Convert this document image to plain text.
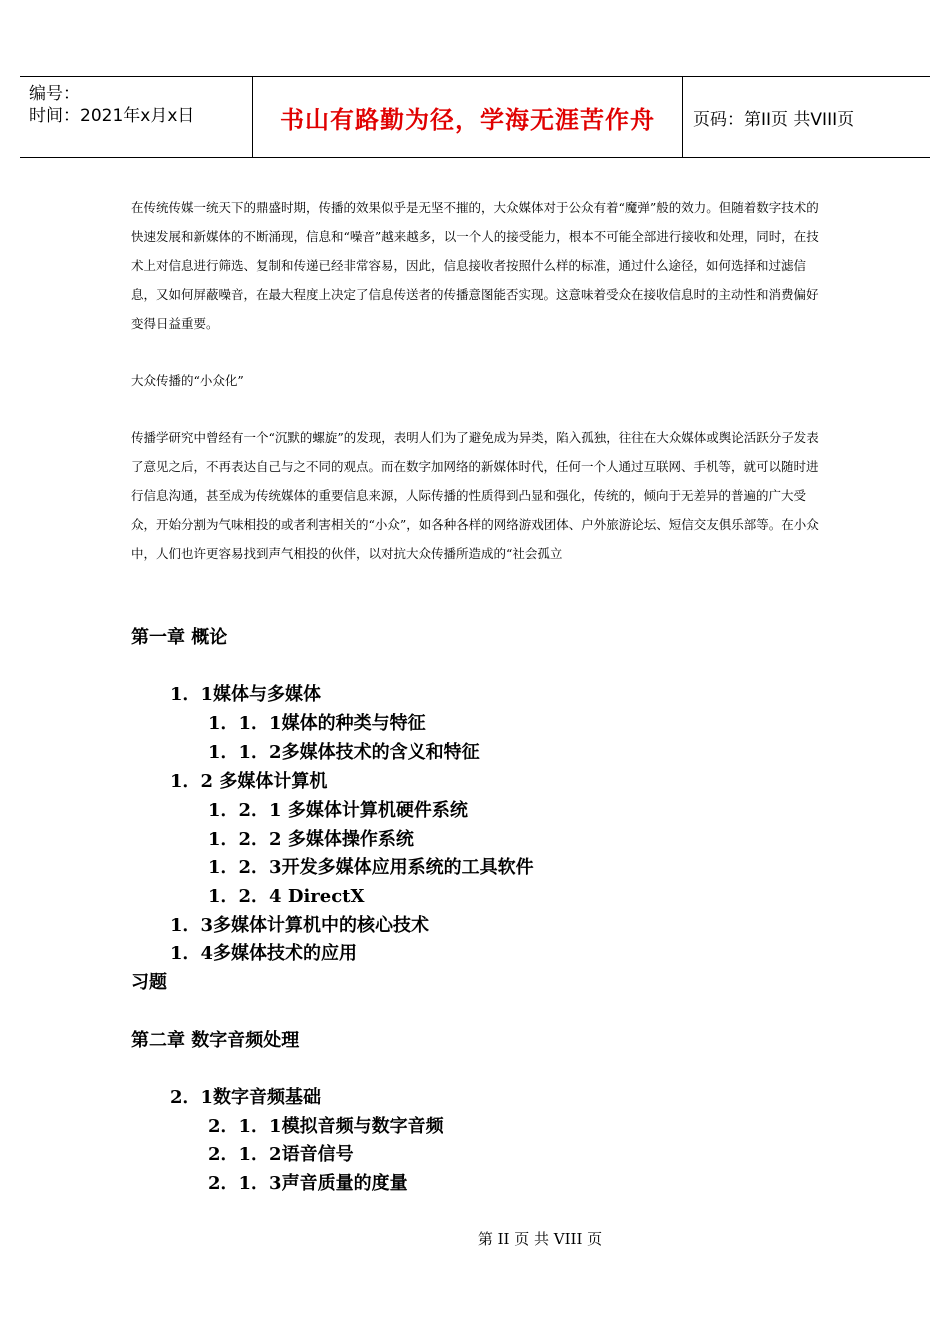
编号：
时间：2021年x月x日	书山有路勤为径，学海无涯苦作舟 页码：第II页 共VIII页

在传统传媒一统天下的鼎盛时期，传播的效果似乎是无坚不摧的，大众媒体对于公众有着“魔弹”般的效力。但随着数字技术的快速发展和新媒体的不断涌现，信息和“噪音”越来越多，以一个人的接受能力，根本不可能全部进行接收和处理，同时，在技术上对信息进行筛选、复制和传递已经非常容易，因此，信息接收者按照什么样的标准，通过什么途径，如何选择和过滤信息，又如何屏蔽噪音，在最大程度上决定了信息传送者的传播意图能否实现。这意味着受众在接收信息时的主动性和消费偏好变得日益重要。

大众传播的“小众化”

传播学研究中曾经有一个“沉默的螺旋”的发现，表明人们为了避免成为异类，陷入孤独，往往在大众媒体或舆论活跃分子发表了意见之后，不再表达自己与之不同的观点。而在数字加网络的新媒体时代，任何一个人通过互联网、手机等，就可以随时进行信息沟通，甚至成为传统媒体的重要信息来源，人际传播的性质得到凸显和强化，传统的，倾向于无差异的普遍的广大受众，开始分割为气味相投的或者利害相关的“小众”，如各种各样的网络游戏团体、户外旅游论坛、短信交友俱乐部等。在小众中，人们也许更容易找到声气相投的伙伴，以对抗大众传播所造成的“社会孤立

第一章 概论
1．1媒体与多媒体
1．1．1媒体的种类与特征
1．1．2多媒体技术的含义和特征
1．2 多媒体计算机
1．2．1 多媒体计算机硬件系统
1．2．2 多媒体操作系统
1．2．3开发多媒体应用系统的工具软件
1．2．4 DirectX
1．3多媒体计算机中的核心技术
1．4多媒体技术的应用
习题
第二章 数字音频处理
2．1数字音频基础
2．1．1模拟音频与数字音频
2．1．2语音信号
2．1．3声音质量的度量
第 II 页 共 VIII 页
